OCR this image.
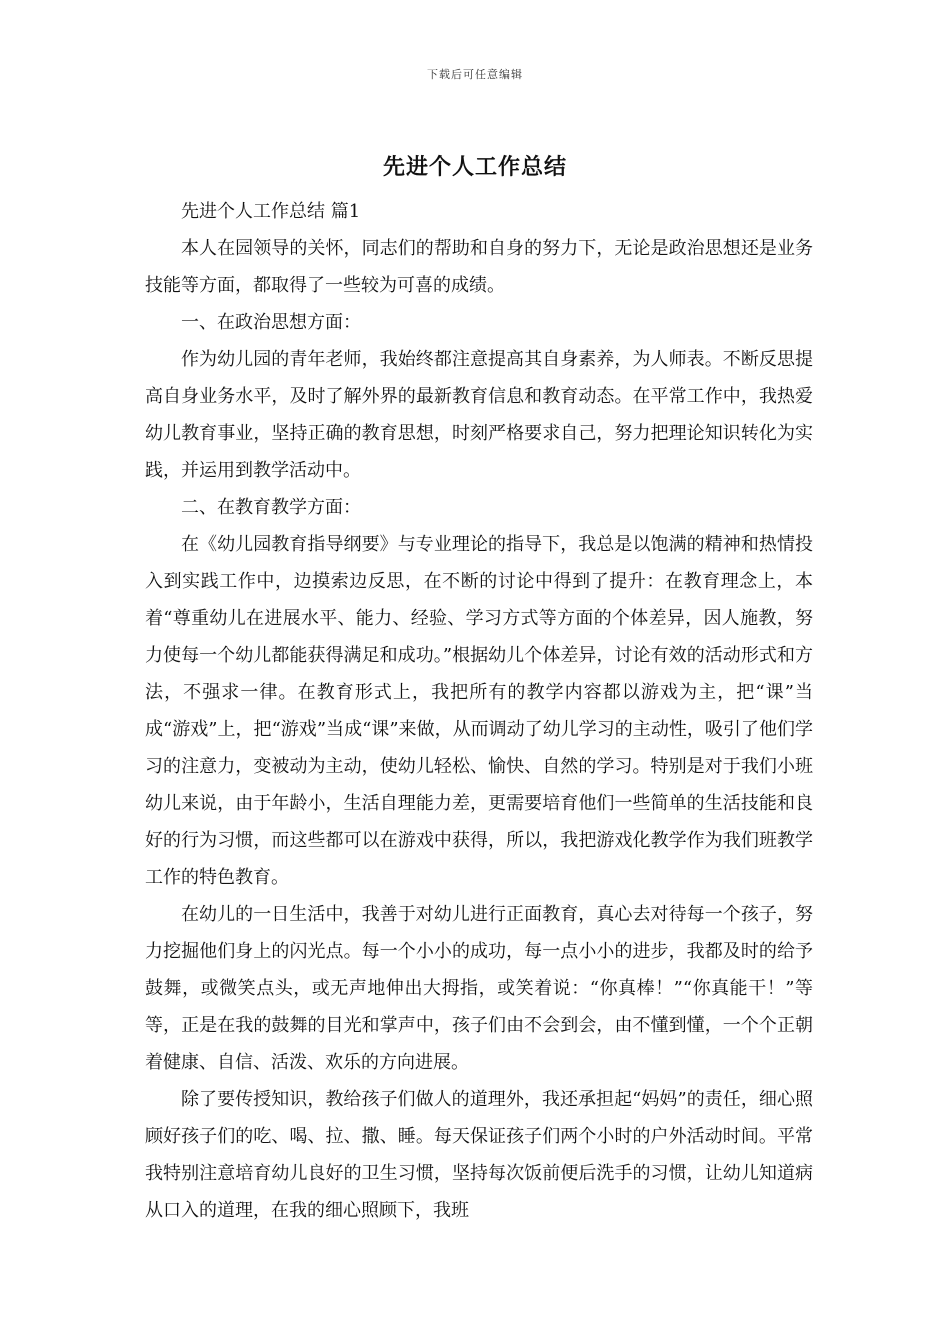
下载后可任意编辑
先进个人工作总结

先进个人工作总结 篇1

本人在园领导的关怀，同志们的帮助和自身的努力下，无论是政治思想还是业务技能等方面，都取得了一些较为可喜的成绩。

一、在政治思想方面：

作为幼儿园的青年老师，我始终都注意提高其自身素养，为人师表。不断反思提高自身业务水平，及时了解外界的最新教育信息和教育动态。在平常工作中，我热爱幼儿教育事业，坚持正确的教育思想，时刻严格要求自己，努力把理论知识转化为实践，并运用到教学活动中。

二、在教育教学方面：

在《幼儿园教育指导纲要》与专业理论的指导下，我总是以饱满的精神和热情投入到实践工作中，边摸索边反思，在不断的讨论中得到了提升：在教育理念上，本着“尊重幼儿在进展水平、能力、经验、学习方式等方面的个体差异，因人施教，努力使每一个幼儿都能获得满足和成功。”根据幼儿个体差异，讨论有效的活动形式和方法，不强求一律。在教育形式上，我把所有的教学内容都以游戏为主，把“课”当成“游戏”上，把“游戏”当成“课”来做，从而调动了幼儿学习的主动性，吸引了他们学习的注意力，变被动为主动，使幼儿轻松、愉快、自然的学习。特别是对于我们小班幼儿来说，由于年龄小，生活自理能力差，更需要培育他们一些简单的生活技能和良好的行为习惯，而这些都可以在游戏中获得，所以，我把游戏化教学作为我们班教学工作的特色教育。

在幼儿的一日生活中，我善于对幼儿进行正面教育，真心去对待每一个孩子，努力挖掘他们身上的闪光点。每一个小小的成功，每一点小小的进步，我都及时的给予鼓舞，或微笑点头，或无声地伸出大拇指，或笑着说：“你真棒！”“你真能干！”等等，正是在我的鼓舞的目光和掌声中，孩子们由不会到会，由不懂到懂，一个个正朝着健康、自信、活泼、欢乐的方向进展。

除了要传授知识，教给孩子们做人的道理外，我还承担起“妈妈”的责任，细心照顾好孩子们的吃、喝、拉、撒、睡。每天保证孩子们两个小时的户外活动时间。平常我特别注意培育幼儿良好的卫生习惯，坚持每次饭前便后洗手的习惯，让幼儿知道病从口入的道理，在我的细心照顾下，我班
